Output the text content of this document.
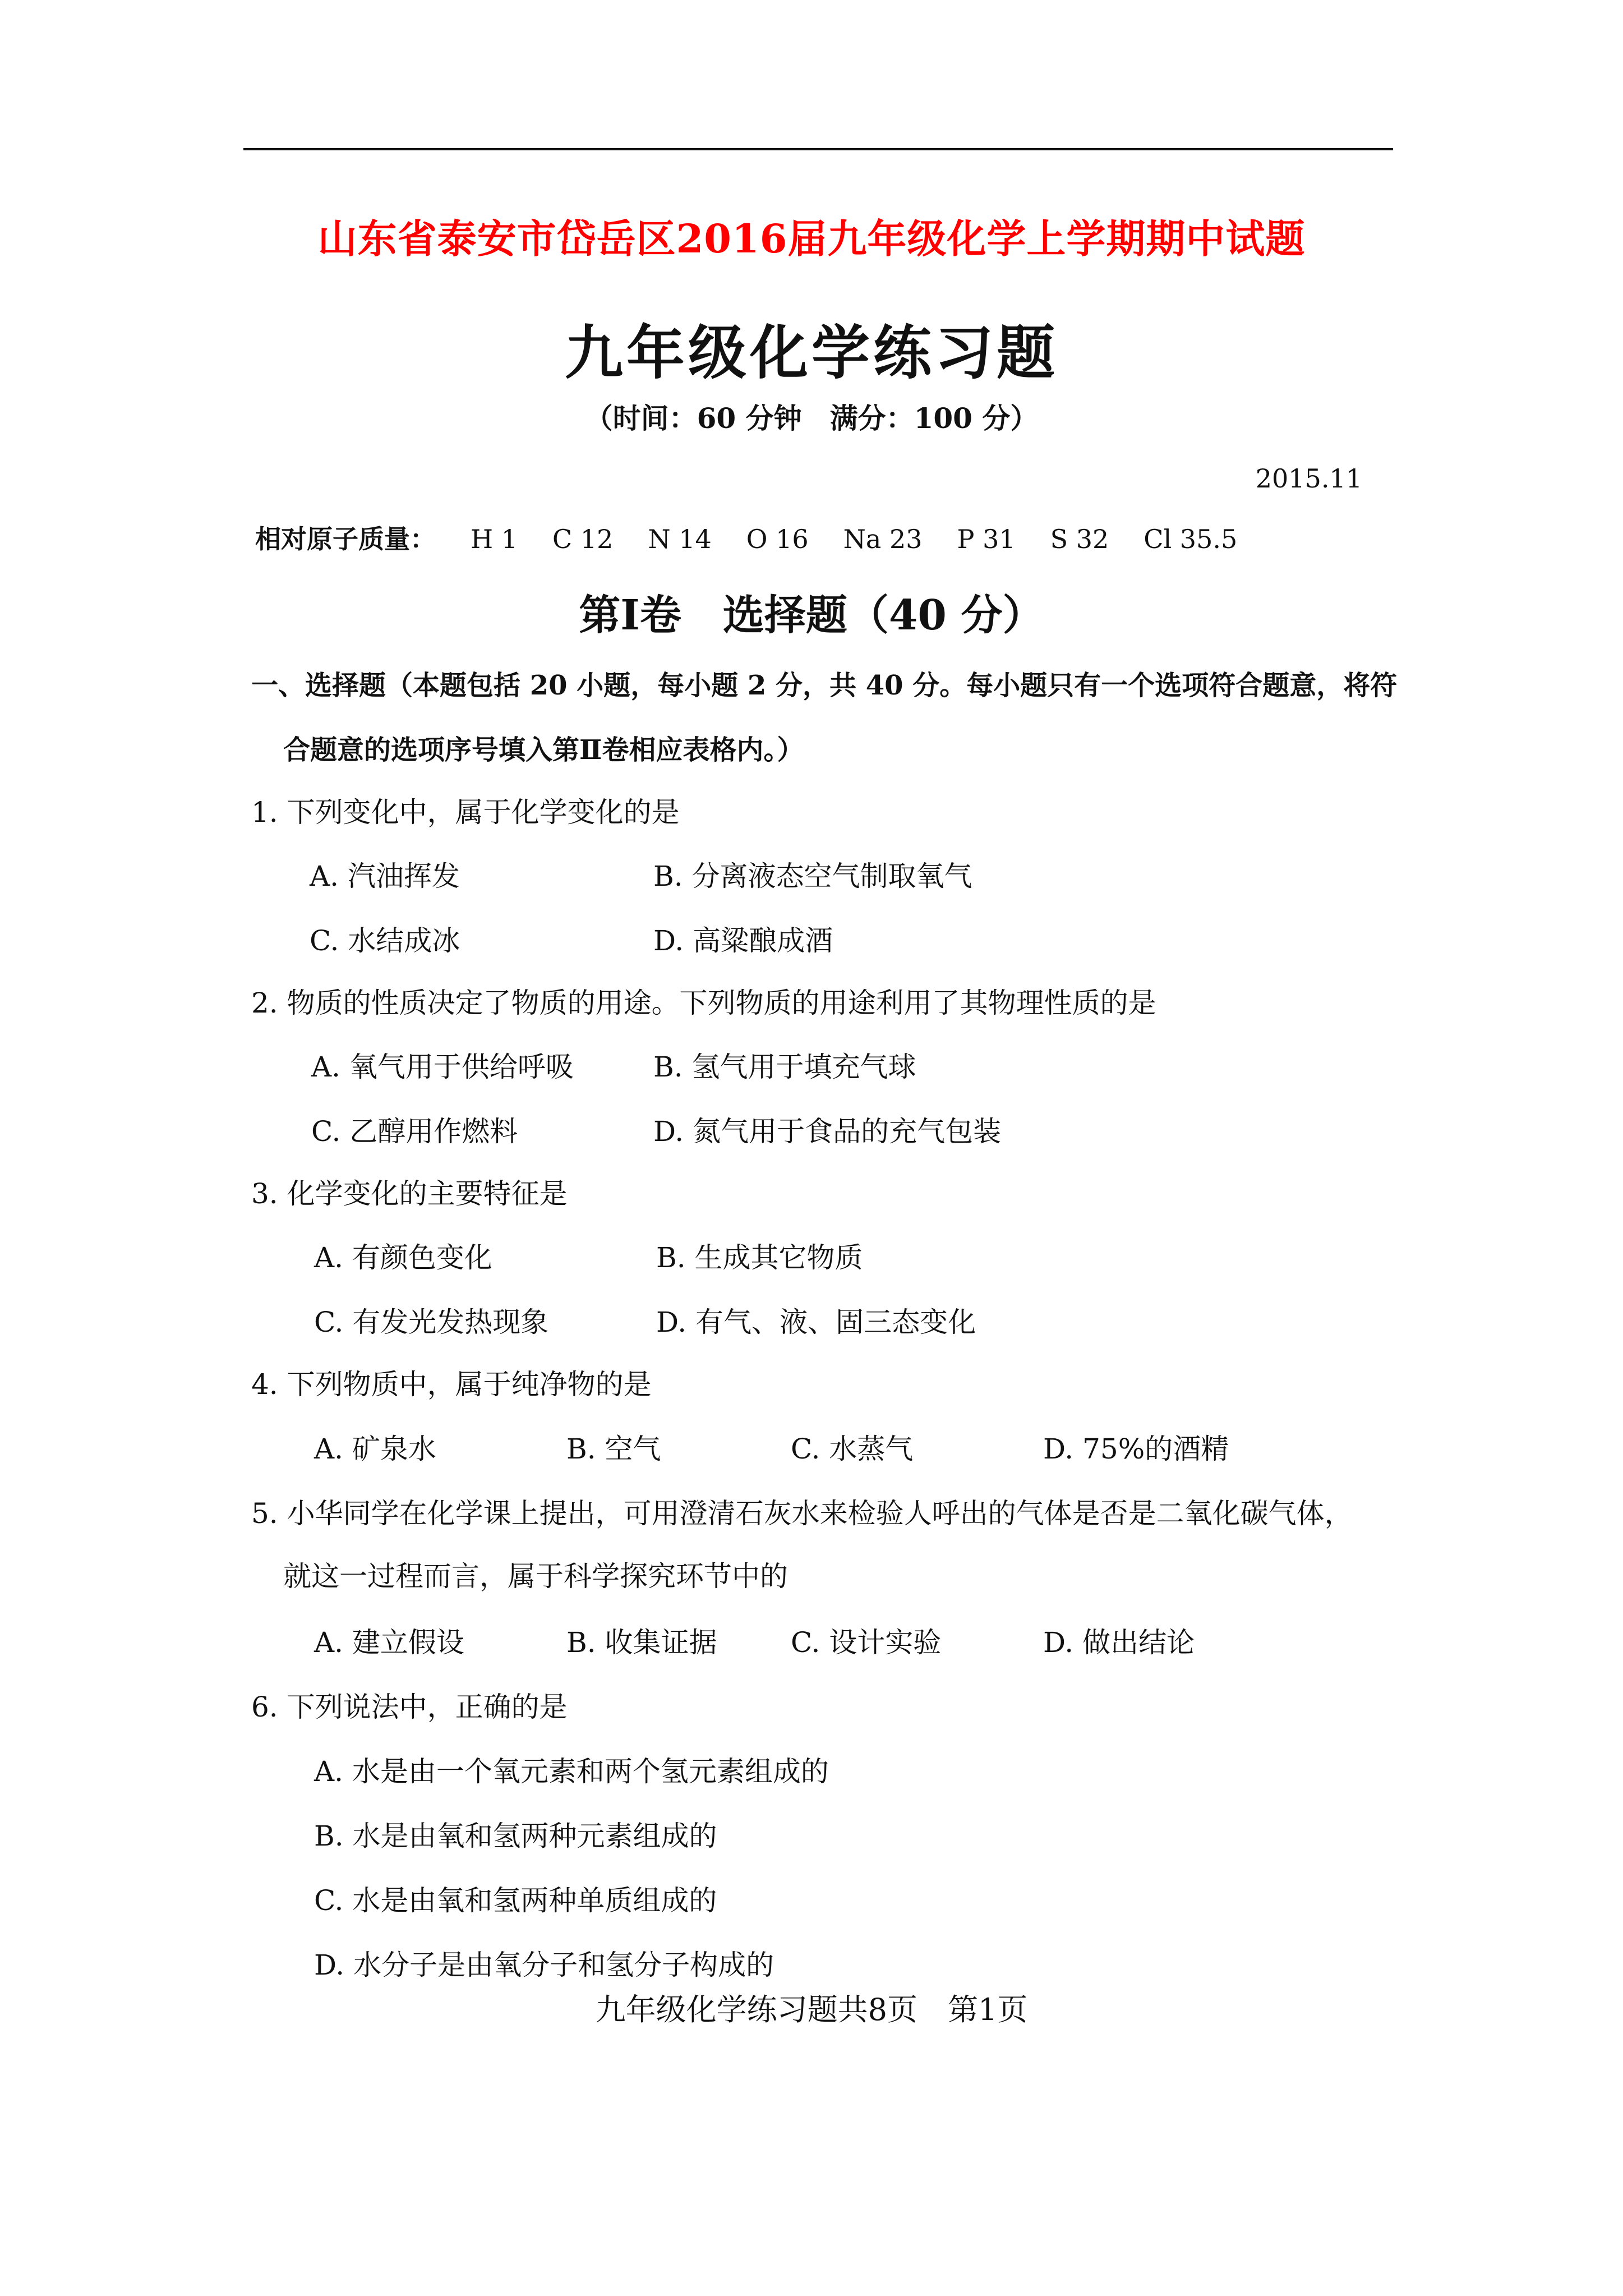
山东省泰安市岱岳区2016届九年级化学上学期期中试题
九年级化学练习题
（时间：60 分钟　满分：100 分）
2015.11
相对原子质量： H 1 C 12 N 14 O 16 Na 23 P 31 S 32 Cl 35.5
第Ⅰ卷　选择题（40 分）
一、选择题（本题包括 20 小题，每小题 2 分，共 40 分。每小题只有一个选项符合题意，将符
合题意的选项序号填入第Ⅱ卷相应表格内。）
1. 下列变化中，属于化学变化的是
A. 汽油挥发	B. 分离液态空气制取氧气
C. 水结成冰	D. 高粱酿成酒
2. 物质的性质决定了物质的用途。下列物质的用途利用了其物理性质的是
A. 氧气用于供给呼吸	B. 氢气用于填充气球
C. 乙醇用作燃料	D. 氮气用于食品的充气包装
3. 化学变化的主要特征是
A. 有颜色变化	B. 生成其它物质
C. 有发光发热现象	D. 有气、液、固三态变化
4. 下列物质中，属于纯净物的是
A. 矿泉水	B. 空气	C. 水蒸气	D. 75%的酒精
5. 小华同学在化学课上提出，可用澄清石灰水来检验人呼出的气体是否是二氧化碳气体，
就这一过程而言，属于科学探究环节中的
A. 建立假设	B. 收集证据	C. 设计实验	D. 做出结论
6. 下列说法中，正确的是
A. 水是由一个氧元素和两个氢元素组成的
B. 水是由氧和氢两种元素组成的
C. 水是由氧和氢两种单质组成的
D. 水分子是由氧分子和氢分子构成的
九年级化学练习题共8页　第1页
